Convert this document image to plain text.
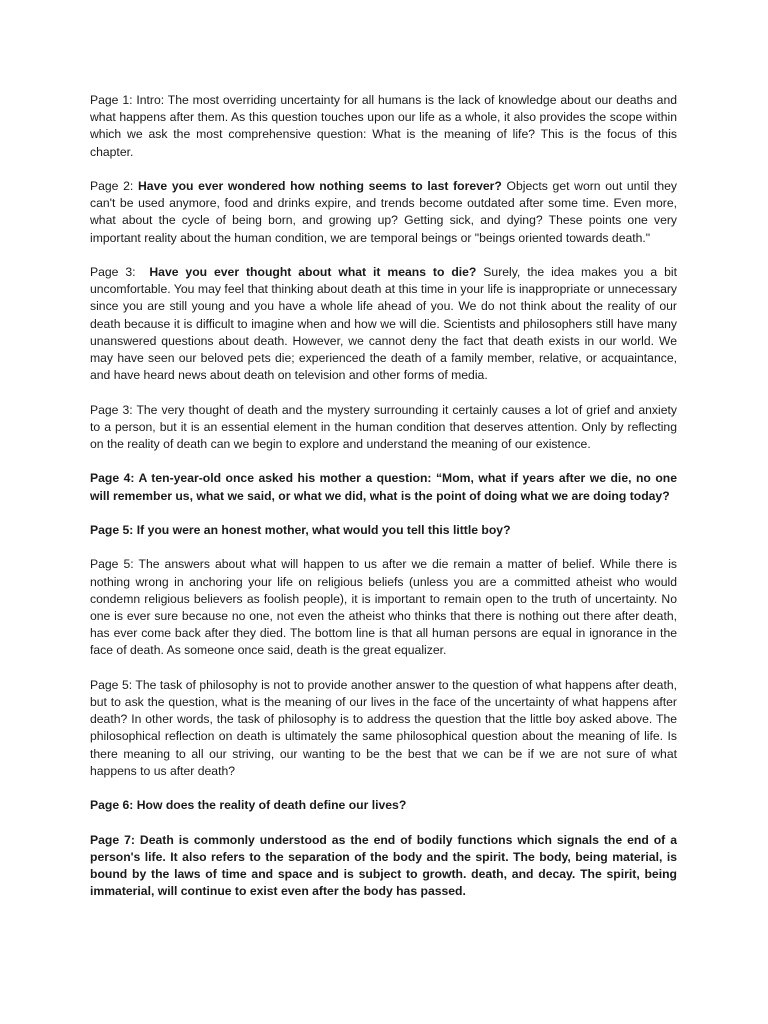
Page 1: Intro: The most overriding uncertainty for all humans is the lack of knowledge about our deaths and what happens after them. As this question touches upon our life as a whole, it also provides the scope within which we ask the most comprehensive question: What is the meaning of life? This is the focus of this chapter.

Page 2: Have you ever wondered how nothing seems to last forever? Objects get worn out until they can't be used anymore, food and drinks expire, and trends become outdated after some time. Even more, what about the cycle of being born, and growing up? Getting sick, and dying? These points one very important reality about the human condition, we are temporal beings or "beings oriented towards death."

Page 3:  Have you ever thought about what it means to die? Surely, the idea makes you a bit uncomfortable. You may feel that thinking about death at this time in your life is inappropriate or unnecessary since you are still young and you have a whole life ahead of you. We do not think about the reality of our death because it is difficult to imagine when and how we will die. Scientists and philosophers still have many unanswered questions about death. However, we cannot deny the fact that death exists in our world. We may have seen our beloved pets die; experienced the death of a family member, relative, or acquaintance, and have heard news about death on television and other forms of media.

Page 3: The very thought of death and the mystery surrounding it certainly causes a lot of grief and anxiety to a person, but it is an essential element in the human condition that deserves attention. Only by reflecting on the reality of death can we begin to explore and understand the meaning of our existence.

Page 4: A ten-year-old once asked his mother a question: “Mom, what if years after we die, no one will remember us, what we said, or what we did, what is the point of doing what we are doing today?

Page 5: If you were an honest mother, what would you tell this little boy?

Page 5: The answers about what will happen to us after we die remain a matter of belief. While there is nothing wrong in anchoring your life on religious beliefs (unless you are a committed atheist who would condemn religious believers as foolish people), it is important to remain open to the truth of uncertainty. No one is ever sure because no one, not even the atheist who thinks that there is nothing out there after death, has ever come back after they died. The bottom line is that all human persons are equal in ignorance in the face of death. As someone once said, death is the great equalizer.

Page 5: The task of philosophy is not to provide another answer to the question of what happens after death, but to ask the question, what is the meaning of our lives in the face of the uncertainty of what happens after death? In other words, the task of philosophy is to address the question that the little boy asked above. The philosophical reflection on death is ultimately the same philosophical question about the meaning of life. Is there meaning to all our striving, our wanting to be the best that we can be if we are not sure of what happens to us after death?

Page 6: How does the reality of death define our lives?

Page 7: Death is commonly understood as the end of bodily functions which signals the end of a person's life. It also refers to the separation of the body and the spirit. The body, being material, is bound by the laws of time and space and is subject to growth. death, and decay. The spirit, being immaterial, will continue to exist even after the body has passed.
